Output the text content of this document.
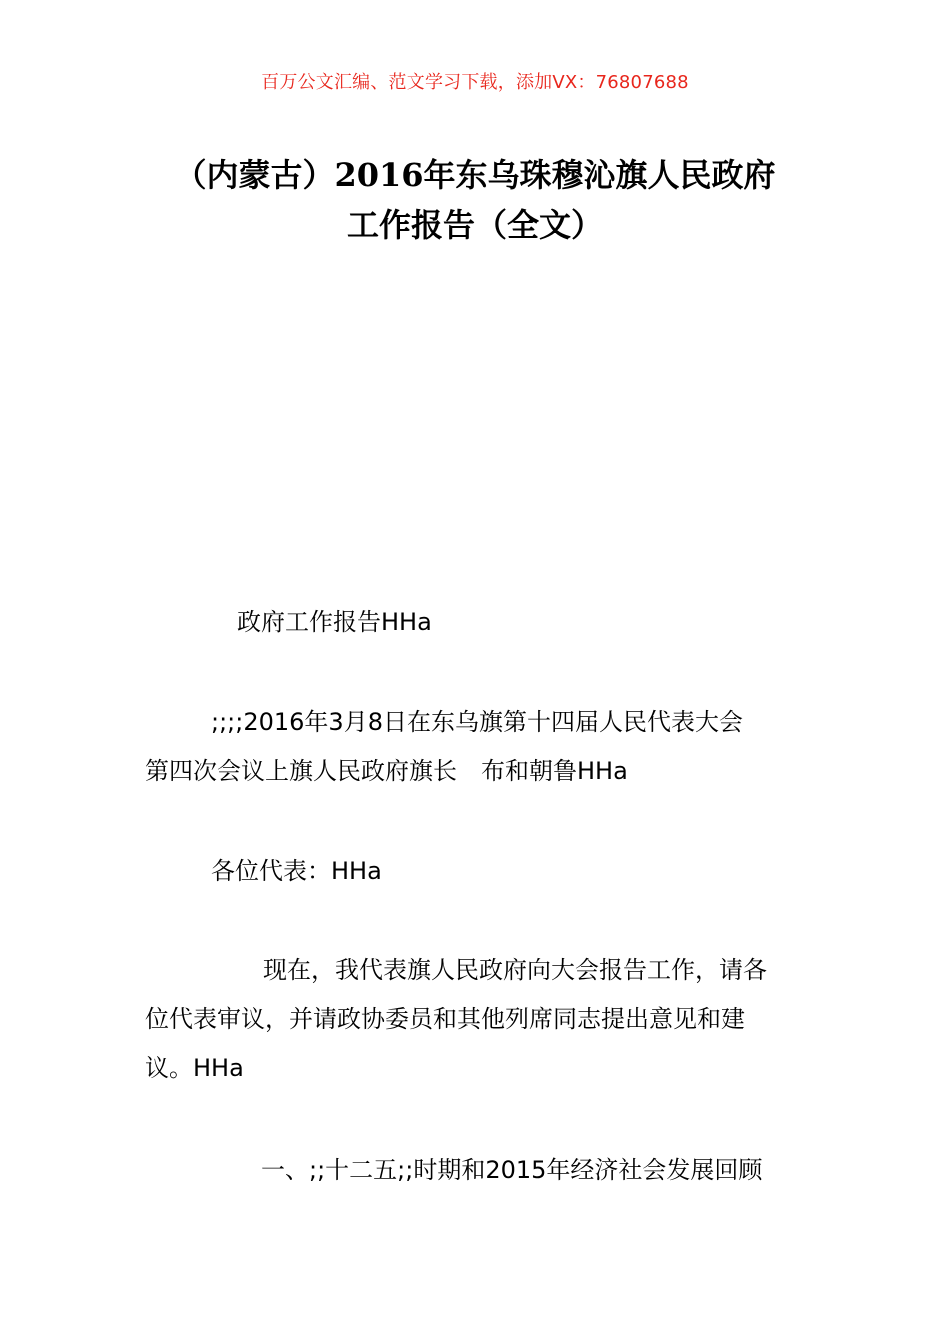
百万公文汇编、范文学习下载，添加VX：76807688
（内蒙古）2016年东乌珠穆沁旗人民政府
工作报告（全文）
政府工作报告HHa
;;;;2016年3月8日在东乌旗第十四届人民代表大会
第四次会议上旗人民政府旗长　布和朝鲁HHa
各位代表：HHa
现在，我代表旗人民政府向大会报告工作，请各
位代表审议，并请政协委员和其他列席同志提出意见和建
议。HHa
一、;;十二五;;时期和2015年经济社会发展回顾
